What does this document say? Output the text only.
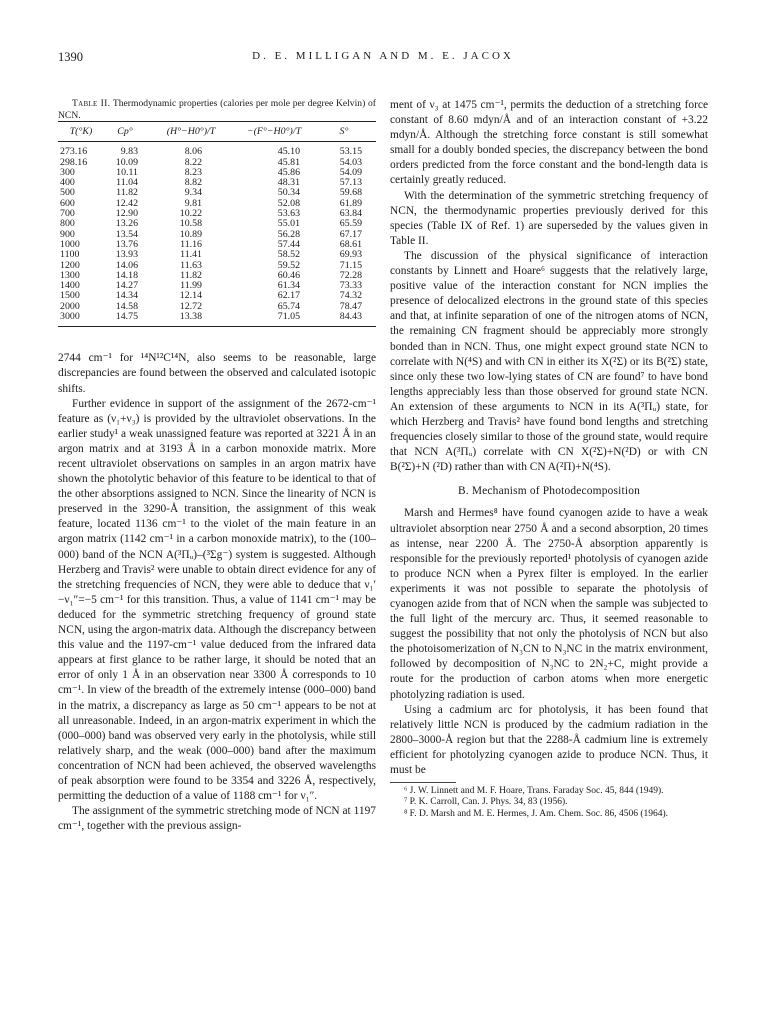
1390	D. E. MILLIGAN AND M. E. JACOX

Table II. Thermodynamic properties (calories per mole per degree Kelvin) of NCN.

T(°K)	Cp°	(H°−H0°)/T	−(F°−H0°)/T	S°
273.16	9.83	8.06	45.10	53.15
298.16	10.09	8.22	45.81	54.03
300	10.11	8.23	45.86	54.09
400	11.04	8.82	48.31	57.13
500	11.82	9.34	50.34	59.68
600	12.42	9.81	52.08	61.89
700	12.90	10.22	53.63	63.84
800	13.26	10.58	55.01	65.59
900	13.54	10.89	56.28	67.17
1000	13.76	11.16	57.44	68.61
1100	13.93	11.41	58.52	69.93
1200	14.06	11.63	59.52	71.15
1300	14.18	11.82	60.46	72.28
1400	14.27	11.99	61.34	73.33
1500	14.34	12.14	62.17	74.32
2000	14.58	12.72	65.74	78.47
3000	14.75	13.38	71.05	84.43

2744 cm⁻¹ for ¹⁴N¹²C¹⁴N, also seems to be reasonable, large discrepancies are found between the observed and calculated isotopic shifts.

Further evidence in support of the assignment of the 2672-cm⁻¹ feature as (ν₁+ν₃) is provided by the ultraviolet observations. In the earlier study¹ a weak unassigned feature was reported at 3221 Å in an argon matrix and at 3193 Å in a carbon monoxide matrix. More recent ultraviolet observations on samples in an argon matrix have shown the photolytic behavior of this feature to be identical to that of the other absorptions assigned to NCN. Since the linearity of NCN is preserved in the 3290-Å transition, the assignment of this weak feature, located 1136 cm⁻¹ to the violet of the main feature in an argon matrix (1142 cm⁻¹ in a carbon monoxide matrix), to the (100–000) band of the NCN A(³Πᵤ)–(³Σg⁻) system is suggested. Although Herzberg and Travis² were unable to obtain direct evidence for any of the stretching frequencies of NCN, they were able to deduce that ν₁′−ν₁″=−5 cm⁻¹ for this transition. Thus, a value of 1141 cm⁻¹ may be deduced for the symmetric stretching frequency of ground state NCN, using the argon-matrix data. Although the discrepancy between this value and the 1197-cm⁻¹ value deduced from the infrared data appears at first glance to be rather large, it should be noted that an error of only 1 Å in an observation near 3300 Å corresponds to 10 cm⁻¹. In view of the breadth of the extremely intense (000–000) band in the matrix, a discrepancy as large as 50 cm⁻¹ appears to be not at all unreasonable. Indeed, in an argon-matrix experiment in which the (000–000) band was observed very early in the photolysis, while still relatively sharp, and the weak (000–000) band after the maximum concentration of NCN had been achieved, the observed wavelengths of peak absorption were found to be 3354 and 3226 Å, respectively, permitting the deduction of a value of 1188 cm⁻¹ for ν₁″.

The assignment of the symmetric stretching mode of NCN at 1197 cm⁻¹, together with the previous assign-

ment of ν₃ at 1475 cm⁻¹, permits the deduction of a stretching force constant of 8.60 mdyn/Å and of an interaction constant of +3.22 mdyn/Å. Although the stretching force constant is still somewhat small for a doubly bonded species, the discrepancy between the bond orders predicted from the force constant and the bond-length data is certainly greatly reduced.

With the determination of the symmetric stretching frequency of NCN, the thermodynamic properties previously derived for this species (Table IX of Ref. 1) are superseded by the values given in Table II.

The discussion of the physical significance of interaction constants by Linnett and Hoare⁶ suggests that the relatively large, positive value of the interaction constant for NCN implies the presence of delocalized electrons in the ground state of this species and that, at infinite separation of one of the nitrogen atoms of NCN, the remaining CN fragment should be appreciably more strongly bonded than in NCN. Thus, one might expect ground state NCN to correlate with N(⁴S) and with CN in either its X(²Σ) or its B(²Σ) state, since only these two low-lying states of CN are found⁷ to have bond lengths appreciably less than those observed for ground state NCN. An extension of these arguments to NCN in its A(³Πᵤ) state, for which Herzberg and Travis² have found bond lengths and stretching frequencies closely similar to those of the ground state, would require that NCN A(³Πᵤ) correlate with CN X(²Σ)+N(²D) or with CN B(²Σ)+N (²D) rather than with CN A(²Π)+N(⁴S).

B. Mechanism of Photodecomposition

Marsh and Hermes⁸ have found cyanogen azide to have a weak ultraviolet absorption near 2750 Å and a second absorption, 20 times as intense, near 2200 Å. The 2750-Å absorption apparently is responsible for the previously reported¹ photolysis of cyanogen azide to produce NCN when a Pyrex filter is employed. In the earlier experiments it was not possible to separate the photolysis of cyanogen azide from that of NCN when the sample was subjected to the full light of the mercury arc. Thus, it seemed reasonable to suggest the possibility that not only the photolysis of NCN but also the photoisomerization of N₃CN to N₃NC in the matrix environment, followed by decomposition of N₃NC to 2N₂+C, might provide a route for the production of carbon atoms when more energetic photolyzing radiation is used.

Using a cadmium arc for photolysis, it has been found that relatively little NCN is produced by the cadmium radiation in the 2800–3000-Å region but that the 2288-Å cadmium line is extremely efficient for photolyzing cyanogen azide to produce NCN. Thus, it must be

⁶ J. W. Linnett and M. F. Hoare, Trans. Faraday Soc. 45, 844 (1949).

⁷ P. K. Carroll, Can. J. Phys. 34, 83 (1956).

⁸ F. D. Marsh and M. E. Hermes, J. Am. Chem. Soc. 86, 4506 (1964).
